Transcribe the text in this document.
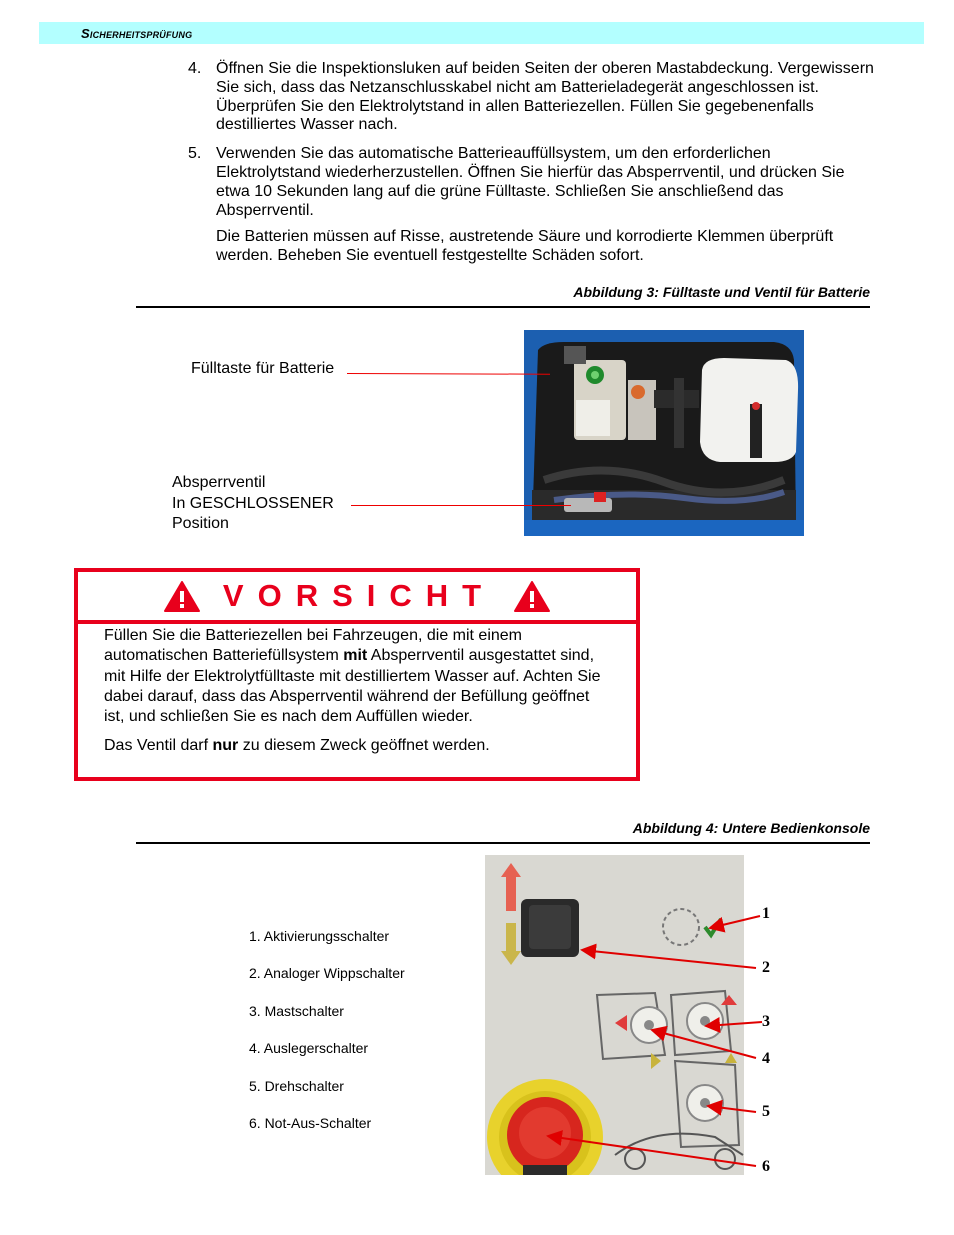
Sicherheitsprüfung
4. Öffnen Sie die Inspektionsluken auf beiden Seiten der oberen Mastabdeckung. Vergewissern Sie sich, dass das Netzanschlusskabel nicht am Batterieladegerät angeschlossen ist. Überprüfen Sie den Elektrolytstand in allen Batteriezellen. Füllen Sie gegebenenfalls destilliertes Wasser nach.

5. Verwenden Sie das automatische Batterieauffüllsystem, um den erforderlichen Elektrolytstand wiederherzustellen. Öffnen Sie hierfür das Absperrventil, und drücken Sie etwa 10 Sekunden lang auf die grüne Fülltaste. Schließen Sie anschließend das Absperrventil.

Die Batterien müssen auf Risse, austretende Säure und korrodierte Klemmen überprüft werden. Beheben Sie eventuell festgestellte Schäden sofort.

Abbildung 3: Fülltaste und Ventil für Batterie
Fülltaste für Batterie
Absperrventil
In GESCHLOSSENER
Position
VORSICHT

Füllen Sie die Batteriezellen bei Fahrzeugen, die mit einem automatischen Batteriefüllsystem mit Absperrventil ausgestattet sind, mit Hilfe der Elektrolytfülltaste mit destilliertem Wasser auf. Achten Sie dabei darauf, dass das Absperrventil während der Befüllung geöffnet ist, und schließen Sie es nach dem Auffüllen wieder.

Das Ventil darf nur zu diesem Zweck geöffnet werden.

Abbildung 4: Untere Bedienkonsole
1. Aktivierungsschalter
2. Analoger Wippschalter
3. Mastschalter
4. Auslegerschalter
5. Drehschalter
6. Not-Aus-Schalter
1
2
3
4
5
6
